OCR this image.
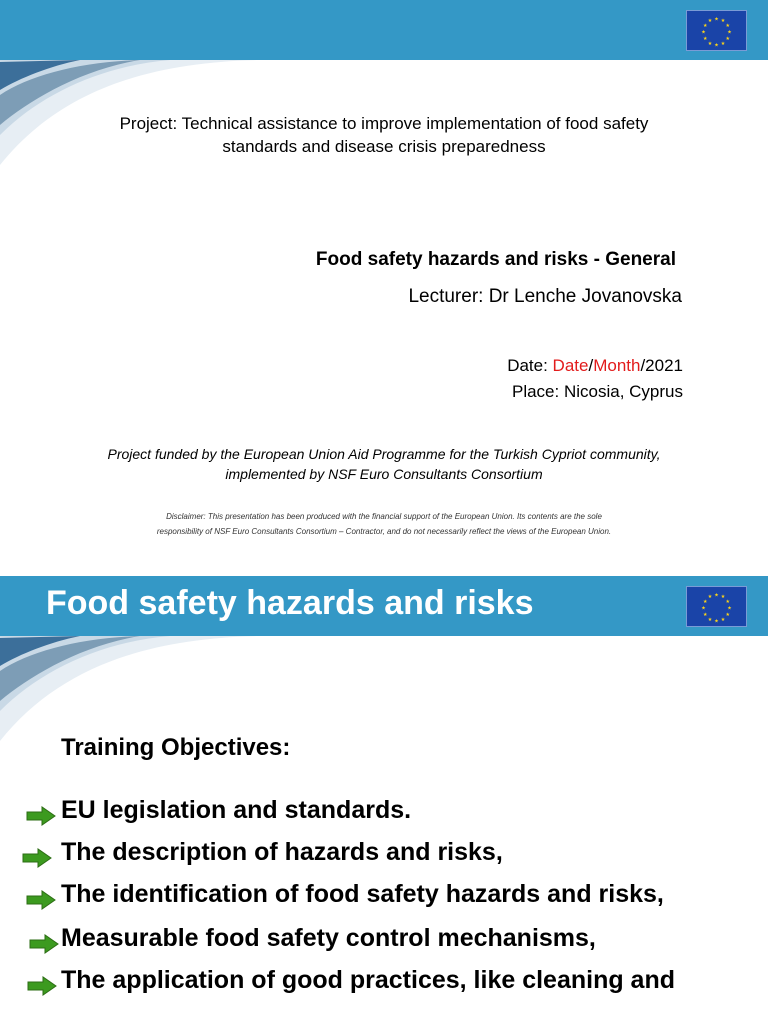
★ ★
★
★
★
★
★
★
★
★
★
★
Project: Technical assistance to improve implementation of food safety
standards and disease crisis preparedness
Food safety hazards and risks - General
Lecturer: Dr Lenche Jovanovska
Date: Date/Month/2021
Place: Nicosia, Cyprus
Project funded by the European Union Aid Programme for the Turkish Cypriot community,
implemented by NSF Euro Consultants Consortium
Disclaimer: This presentation has been produced with the financial support of the European Union. Its contents are the sole
responsibility of NSF Euro Consultants Consortium – Contractor, and do not necessarily reflect the views of the European Union.
Food safety hazards and risks	★ ★
★
★
★
★
★
★
★
★
★
★
Training Objectives:
EU legislation and standards.
The description of hazards and risks,
The identification of food safety hazards and risks,
Measurable food safety control mechanisms,
The application of good practices, like cleaning and
